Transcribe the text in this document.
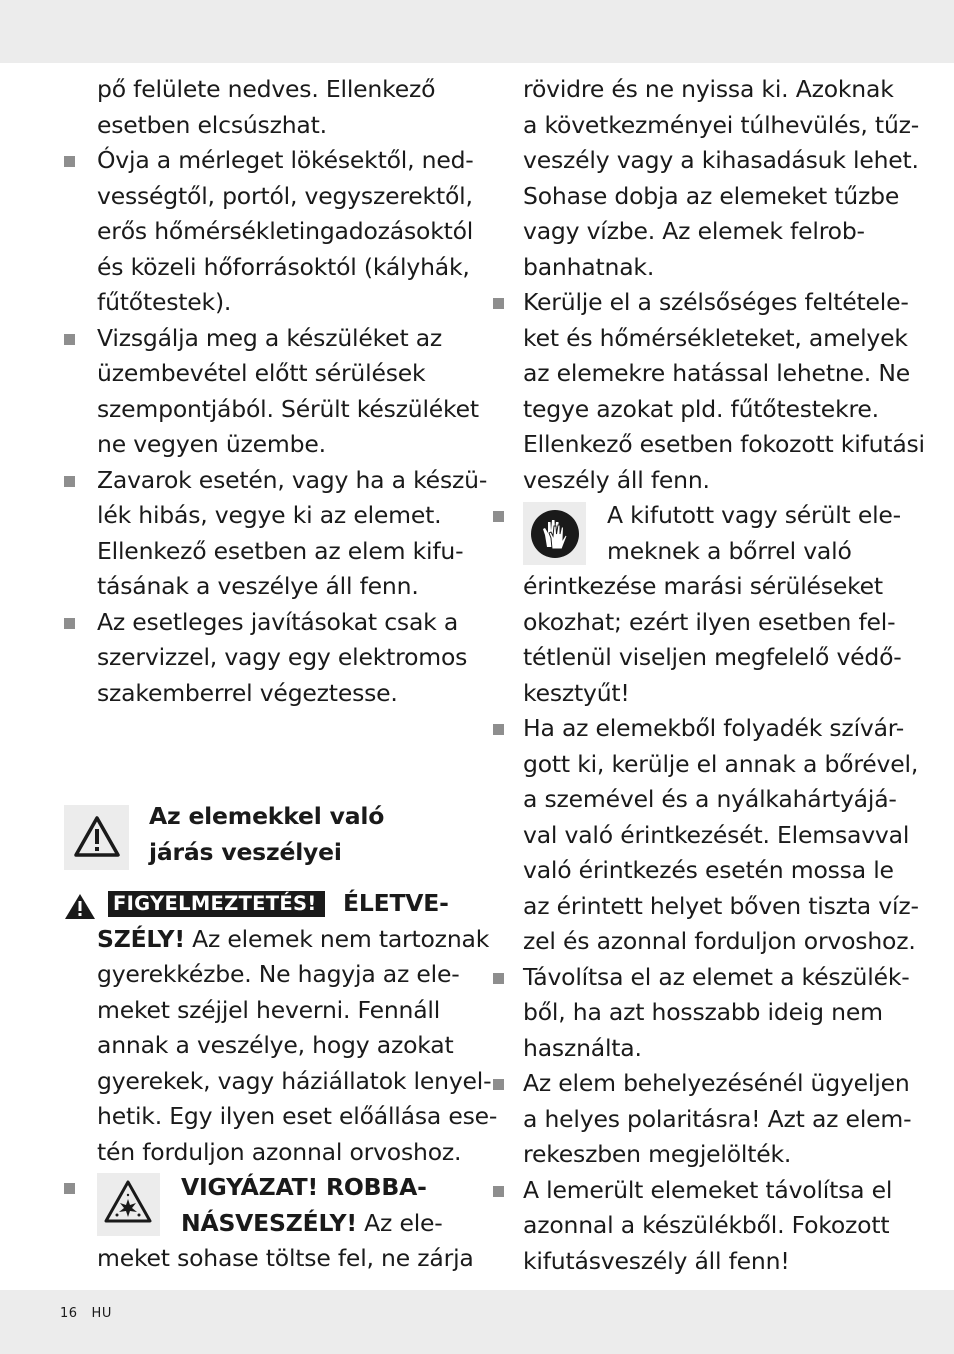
pő felülete nedves. Ellenkező
esetben elcsúszhat.
Óvja a mérleget lökésektől, ned-
vességtől, portól, vegyszerektől,
erős hőmérsékletingadozásoktól
és közeli hőforrásoktól (kályhák,
fűtőtestek).
Vizsgálja meg a készüléket az
üzembevétel előtt sérülések
szempontjából. Sérült készüléket
ne vegyen üzembe.
Zavarok esetén, vagy ha a készü-
lék hibás, vegye ki az elemet.
Ellenkező esetben az elem kifu-
tásának a veszélye áll fenn.
Az esetleges javításokat csak a
szervizzel, vagy egy elektromos
szakemberrel végeztesse.
Az elemekkel való
járás veszélyei
FIGYELMEZTETÉS!	ÉLETVE-
SZÉLY! Az elemek nem tartoznak
gyerekkézbe. Ne hagyja az ele-
meket széjjel heverni. Fennáll
annak a veszélye, hogy azokat
gyerekek, vagy háziállatok lenyel-
hetik. Egy ilyen eset előállása ese-
tén forduljon azonnal orvoshoz.
VIGYÁZAT! ROBBA-
NÁSVESZÉLY! Az ele-
meket sohase töltse fel, ne zárja
rövidre és ne nyissa ki. Azoknak
a következményei túlhevülés, tűz-
veszély vagy a kihasadásuk lehet.
Sohase dobja az elemeket tűzbe
vagy vízbe. Az elemek felrob-
banhatnak.
Kerülje el a szélsőséges feltétele-
ket és hőmérsékleteket, amelyek
az elemekre hatással lehetne. Ne
tegye azokat pld. fűtőtestekre.
Ellenkező esetben fokozott kifutási
veszély áll fenn.
A kifutott vagy sérült ele-
meknek a bőrrel való
érintkezése marási sérüléseket
okozhat; ezért ilyen esetben fel-
tétlenül viseljen megfelelő védő-
kesztyűt!
Ha az elemekből folyadék szívár-
gott ki, kerülje el annak a bőrével,
a szemével és a nyálkahártyájá-
val való érintkezését. Elemsavval
való érintkezés esetén mossa le
az érintett helyet bőven tiszta víz-
zel és azonnal forduljon orvoshoz.
Távolítsa el az elemet a készülék-
ből, ha azt hosszabb ideig nem
használta.
Az elem behelyezésénél ügyeljen
a helyes polaritásra! Azt az elem-
rekeszben megjelölték.
A lemerült elemeket távolítsa el
azonnal a készülékből. Fokozott
kifutásveszély áll fenn!
16 HU
